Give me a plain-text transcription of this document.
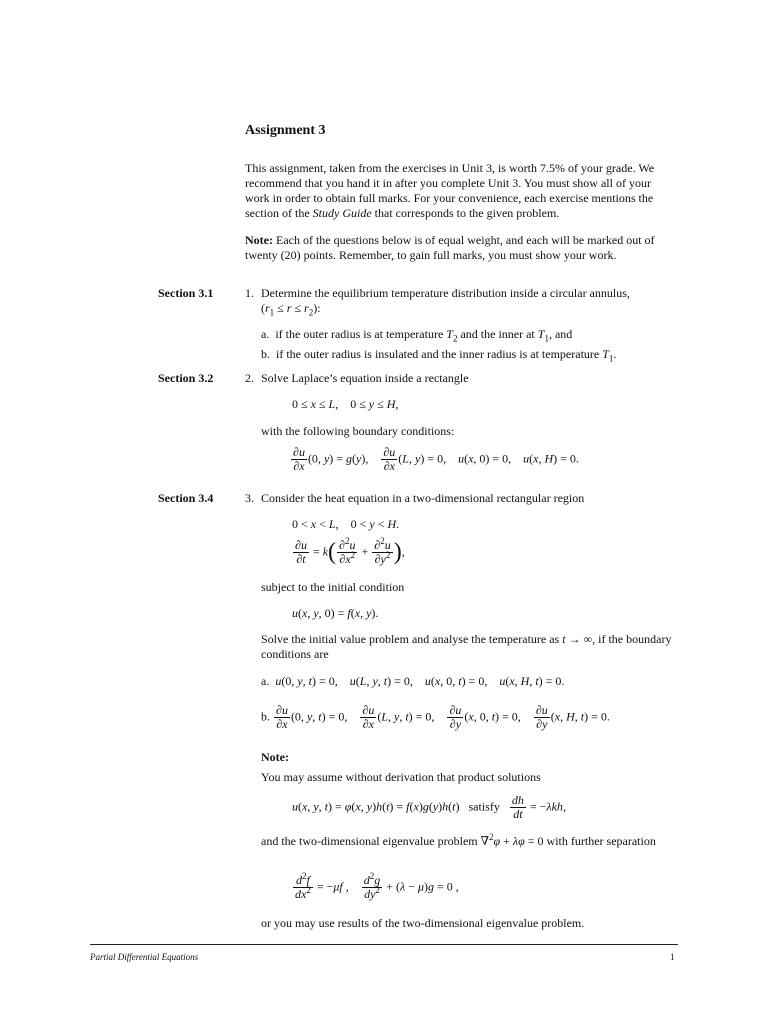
Assignment 3

This assignment, taken from the exercises in Unit 3, is worth 7.5% of your grade. We recommend that you hand it in after you complete Unit 3. You must show all of your work in order to obtain full marks. For your convenience, each exercise mentions the section of the Study Guide that corresponds to the given problem.

Note: Each of the questions below is of equal weight, and each will be marked out of twenty (20) points. Remember, to gain full marks, you must show your work.

Section 3.1	1. Determine the equilibrium temperature distribution inside a circular annulus,
$(r_1 \le r \le r_2)$:
a. if the outer radius is at temperature $T_2$ and the inner at $T_1$, and
b. if the outer radius is insulated and the inner radius is at temperature $T_1$.
Section 3.2	2. Solve Laplace’s equation inside a rectangle
0 ≤ x ≤ L,    0 ≤ y ≤ H,
with the following boundary conditions:
$\frac{\partial u}{\partial x} (0$, y) = g(y), $\frac{\partial u}{\partial x} (L$, y) = 0,    u(x, 0) = 0,    u(x, H) = 0.
Section 3.4	3. Consider the heat equation in a two-dimensional rectangular region
0 < x < L,    0 < y < H.
$\frac{\partial u}{\partial t} = k( \frac{\partial^2u}{\partial x^2} + \frac{\partial^2u}{\partial y^2}$ ),
subject to the initial condition
u(x, y, 0) = f(x, y).
Solve the initial value problem and analyse the temperature as t → ∞, if the boundary conditions are
a. u(0, y, t) = 0,    u(L, y, t) = 0,    u(x, 0, t) = 0,    u(x, H, t) = 0.
b. $\frac{\partial u}{\partial x} (0$, y, t) = 0, $\frac{\partial u}{\partial x} (L$, y, t) = 0, $\frac{\partial u}{\partial y} (x$, 0, t) = 0, $\frac{\partial u}{\partial y} (x$, H, t) = 0.
Note:
You may assume without derivation that product solutions
u(x, y, t) = φ(x, y)h(t) = f(x)g(y)h(t)   satisfy $\frac{dh}{dt} = -\lambda kh$,
and the two-dimensional eigenvalue problem ∇$^2$φ + λφ = 0 with further separation
$\frac{d^2f}{dx^2} = -\mu f$ , $\frac{d^2g}{dy^2} + (\lambda - \mu)g = 0$ ,
or you may use results of the two-dimensional eigenvalue problem.
Partial Differential Equations	1
